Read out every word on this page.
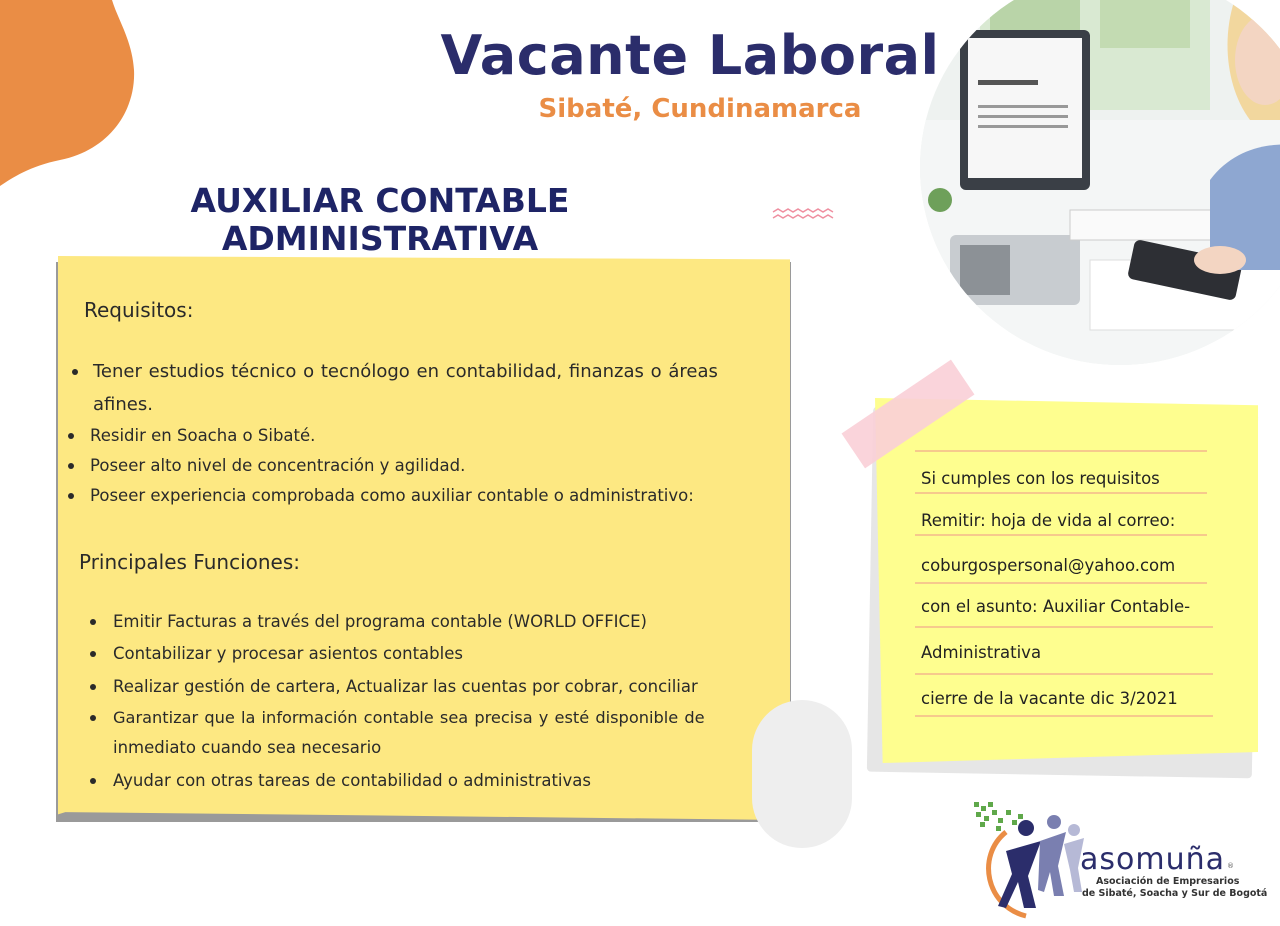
Vacante Laboral
Sibaté, Cundinamarca
AUXILIAR CONTABLE
ADMINISTRATIVA
Requisitos:
Tener estudios técnico o tecnólogo en contabilidad, finanzas o áreas
afines.
Residir en Soacha o Sibaté.
Poseer alto nivel de concentración y agilidad.
Poseer experiencia comprobada como auxiliar contable o administrativo:
Principales Funciones:
Emitir Facturas a través del programa contable (WORLD OFFICE)
Contabilizar y procesar asientos contables
Realizar gestión de cartera, Actualizar las cuentas por cobrar, conciliar
Garantizar que la información contable sea precisa y esté disponible de
inmediato cuando sea necesario
Ayudar con otras tareas de contabilidad o administrativas
Si cumples con los requisitos
Remitir: hoja de vida al correo:
coburgospersonal@yahoo.com
con el asunto: Auxiliar Contable-
Administrativa
cierre de la vacante dic 3/2021
asomuña ®
Asociación de Empresarios
de Sibaté, Soacha y Sur de Bogotá
